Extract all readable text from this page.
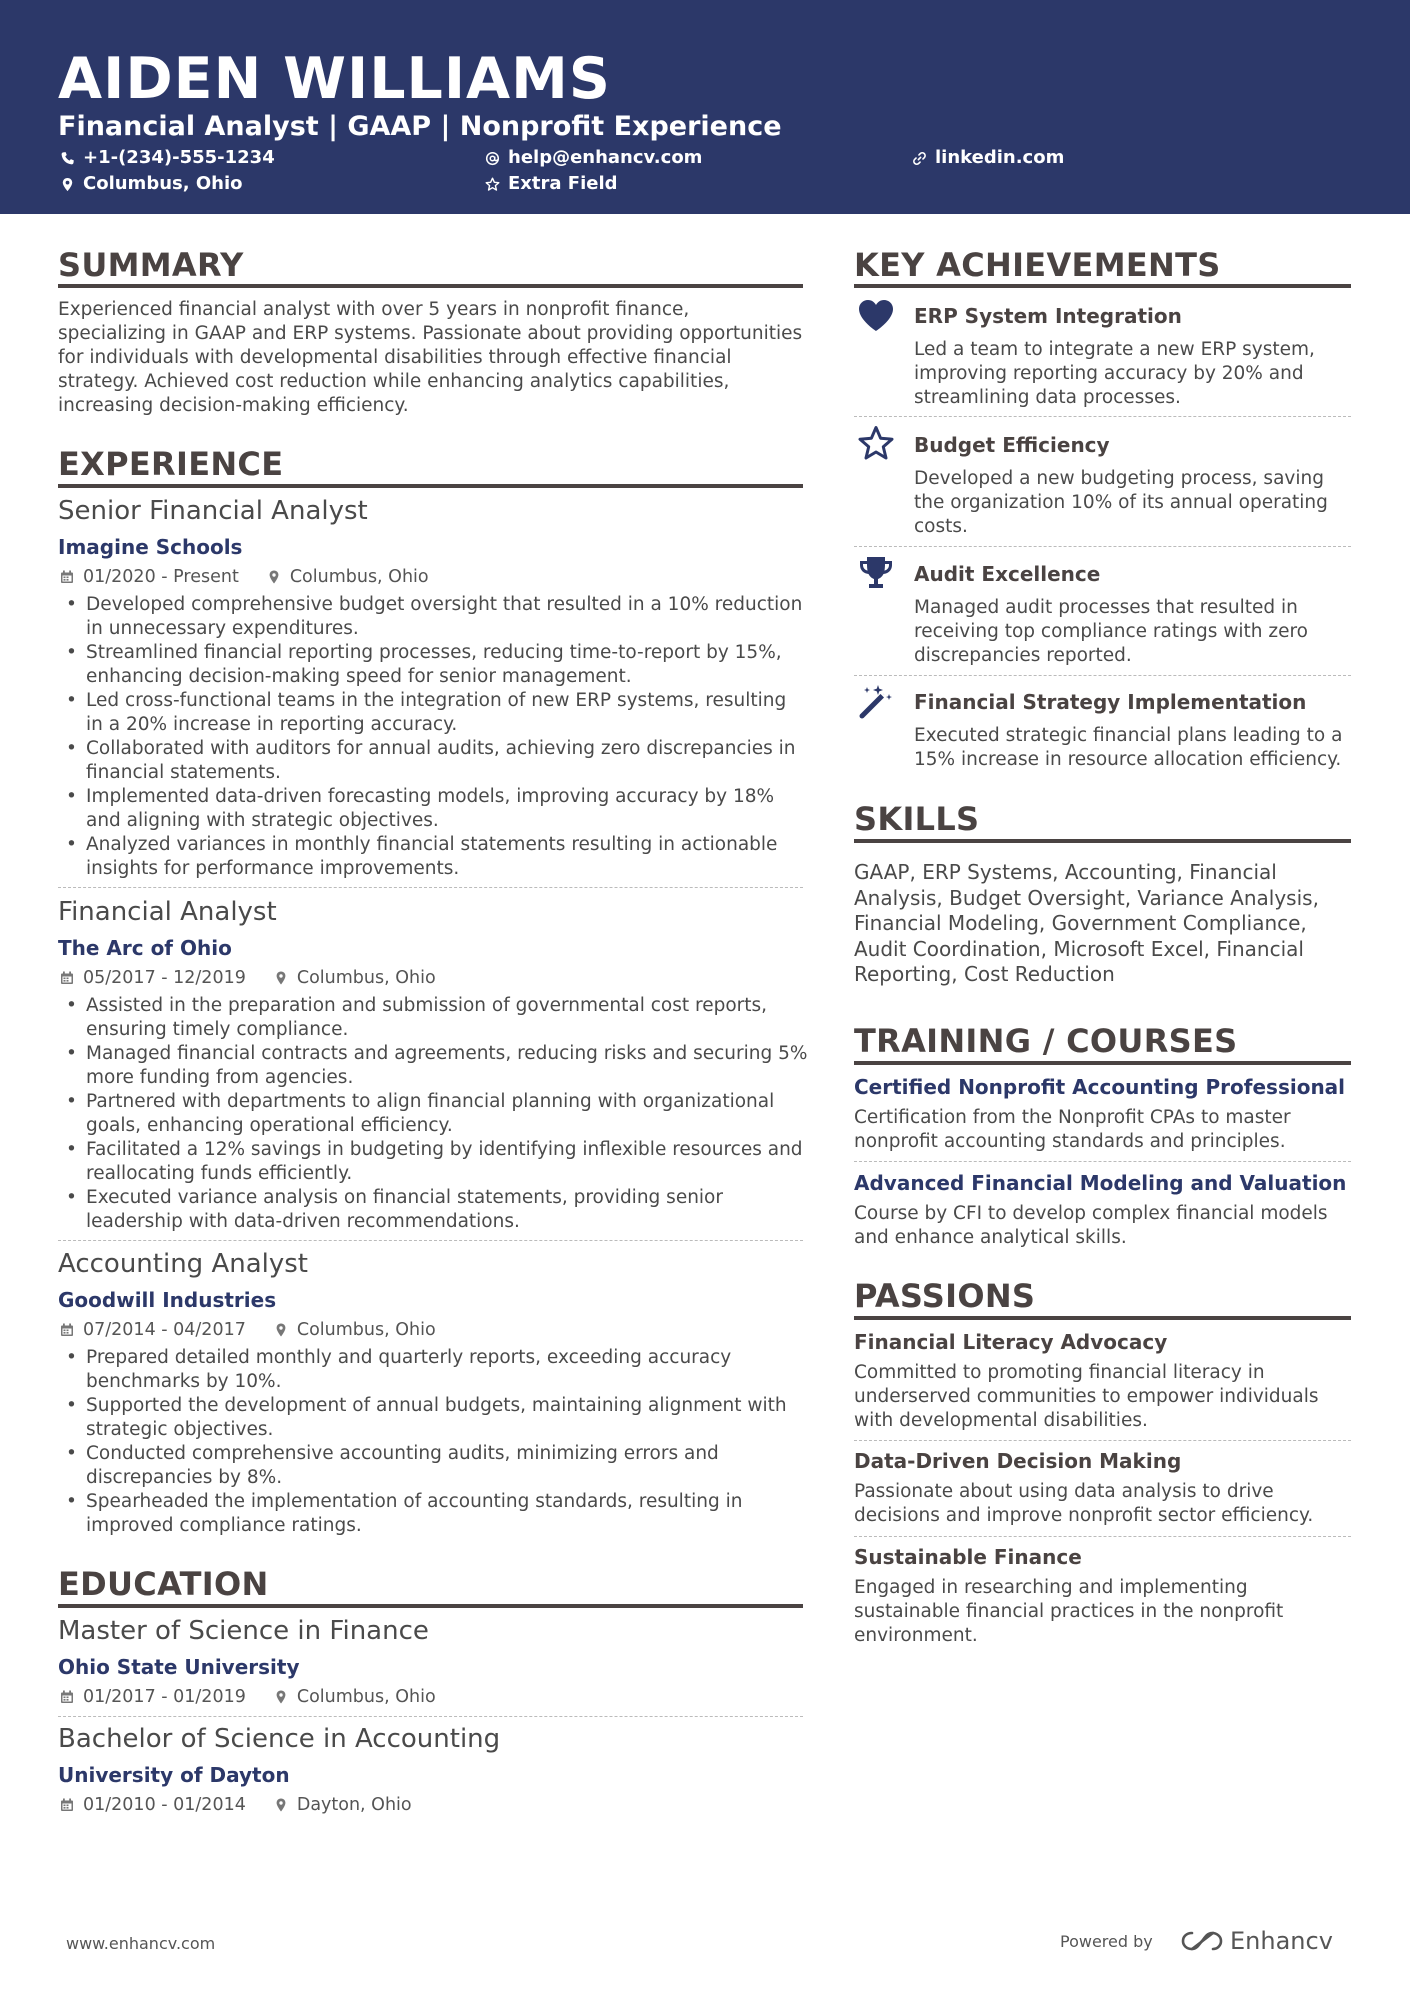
AIDEN WILLIAMS
Financial Analyst | GAAP | Nonprofit Experience
+1-(234)-555-1234	help@enhancv.com	linkedin.com
Columbus, Ohio	Extra Field
SUMMARY
Experienced financial analyst with over 5 years in nonprofit finance, specializing in GAAP and ERP systems. Passionate about providing opportunities for individuals with developmental disabilities through effective financial strategy. Achieved cost reduction while enhancing analytics capabilities, increasing decision-making efficiency.
EXPERIENCE
Senior Financial Analyst
Imagine Schools
01/2020 - Present	Columbus, Ohio
• Developed comprehensive budget oversight that resulted in a 10% reduction in unnecessary expenditures.
• Streamlined financial reporting processes, reducing time-to-report by 15%, enhancing decision-making speed for senior management.
• Led cross-functional teams in the integration of new ERP systems, resulting in a 20% increase in reporting accuracy.
• Collaborated with auditors for annual audits, achieving zero discrepancies in financial statements.
• Implemented data-driven forecasting models, improving accuracy by 18% and aligning with strategic objectives.
• Analyzed variances in monthly financial statements resulting in actionable insights for performance improvements.
Financial Analyst
The Arc of Ohio
05/2017 - 12/2019	Columbus, Ohio
• Assisted in the preparation and submission of governmental cost reports, ensuring timely compliance.
• Managed financial contracts and agreements, reducing risks and securing 5% more funding from agencies.
• Partnered with departments to align financial planning with organizational goals, enhancing operational efficiency.
• Facilitated a 12% savings in budgeting by identifying inflexible resources and reallocating funds efficiently.
• Executed variance analysis on financial statements, providing senior leadership with data-driven recommendations.
Accounting Analyst
Goodwill Industries
07/2014 - 04/2017	Columbus, Ohio
• Prepared detailed monthly and quarterly reports, exceeding accuracy benchmarks by 10%.
• Supported the development of annual budgets, maintaining alignment with strategic objectives.
• Conducted comprehensive accounting audits, minimizing errors and discrepancies by 8%.
• Spearheaded the implementation of accounting standards, resulting in improved compliance ratings.
EDUCATION
Master of Science in Finance
Ohio State University
01/2017 - 01/2019	Columbus, Ohio
Bachelor of Science in Accounting
University of Dayton
01/2010 - 01/2014	Dayton, Ohio
KEY ACHIEVEMENTS
ERP System Integration
Led a team to integrate a new ERP system, improving reporting accuracy by 20% and streamlining data processes.
Budget Efficiency
Developed a new budgeting process, saving the organization 10% of its annual operating costs.
Audit Excellence
Managed audit processes that resulted in receiving top compliance ratings with zero discrepancies reported.
Financial Strategy Implementation
Executed strategic financial plans leading to a 15% increase in resource allocation efficiency.
SKILLS
GAAP, ERP Systems, Accounting, Financial Analysis, Budget Oversight, Variance Analysis, Financial Modeling, Government Compliance, Audit Coordination, Microsoft Excel, Financial Reporting, Cost Reduction
TRAINING / COURSES
Certified Nonprofit Accounting Professional
Certification from the Nonprofit CPAs to master nonprofit accounting standards and principles.
Advanced Financial Modeling and Valuation
Course by CFI to develop complex financial models and enhance analytical skills.
PASSIONS
Financial Literacy Advocacy
Committed to promoting financial literacy in underserved communities to empower individuals with developmental disabilities.
Data-Driven Decision Making
Passionate about using data analysis to drive decisions and improve nonprofit sector efficiency.
Sustainable Finance
Engaged in researching and implementing sustainable financial practices in the nonprofit environment.
www.enhancv.com	Powered by	Enhancv
